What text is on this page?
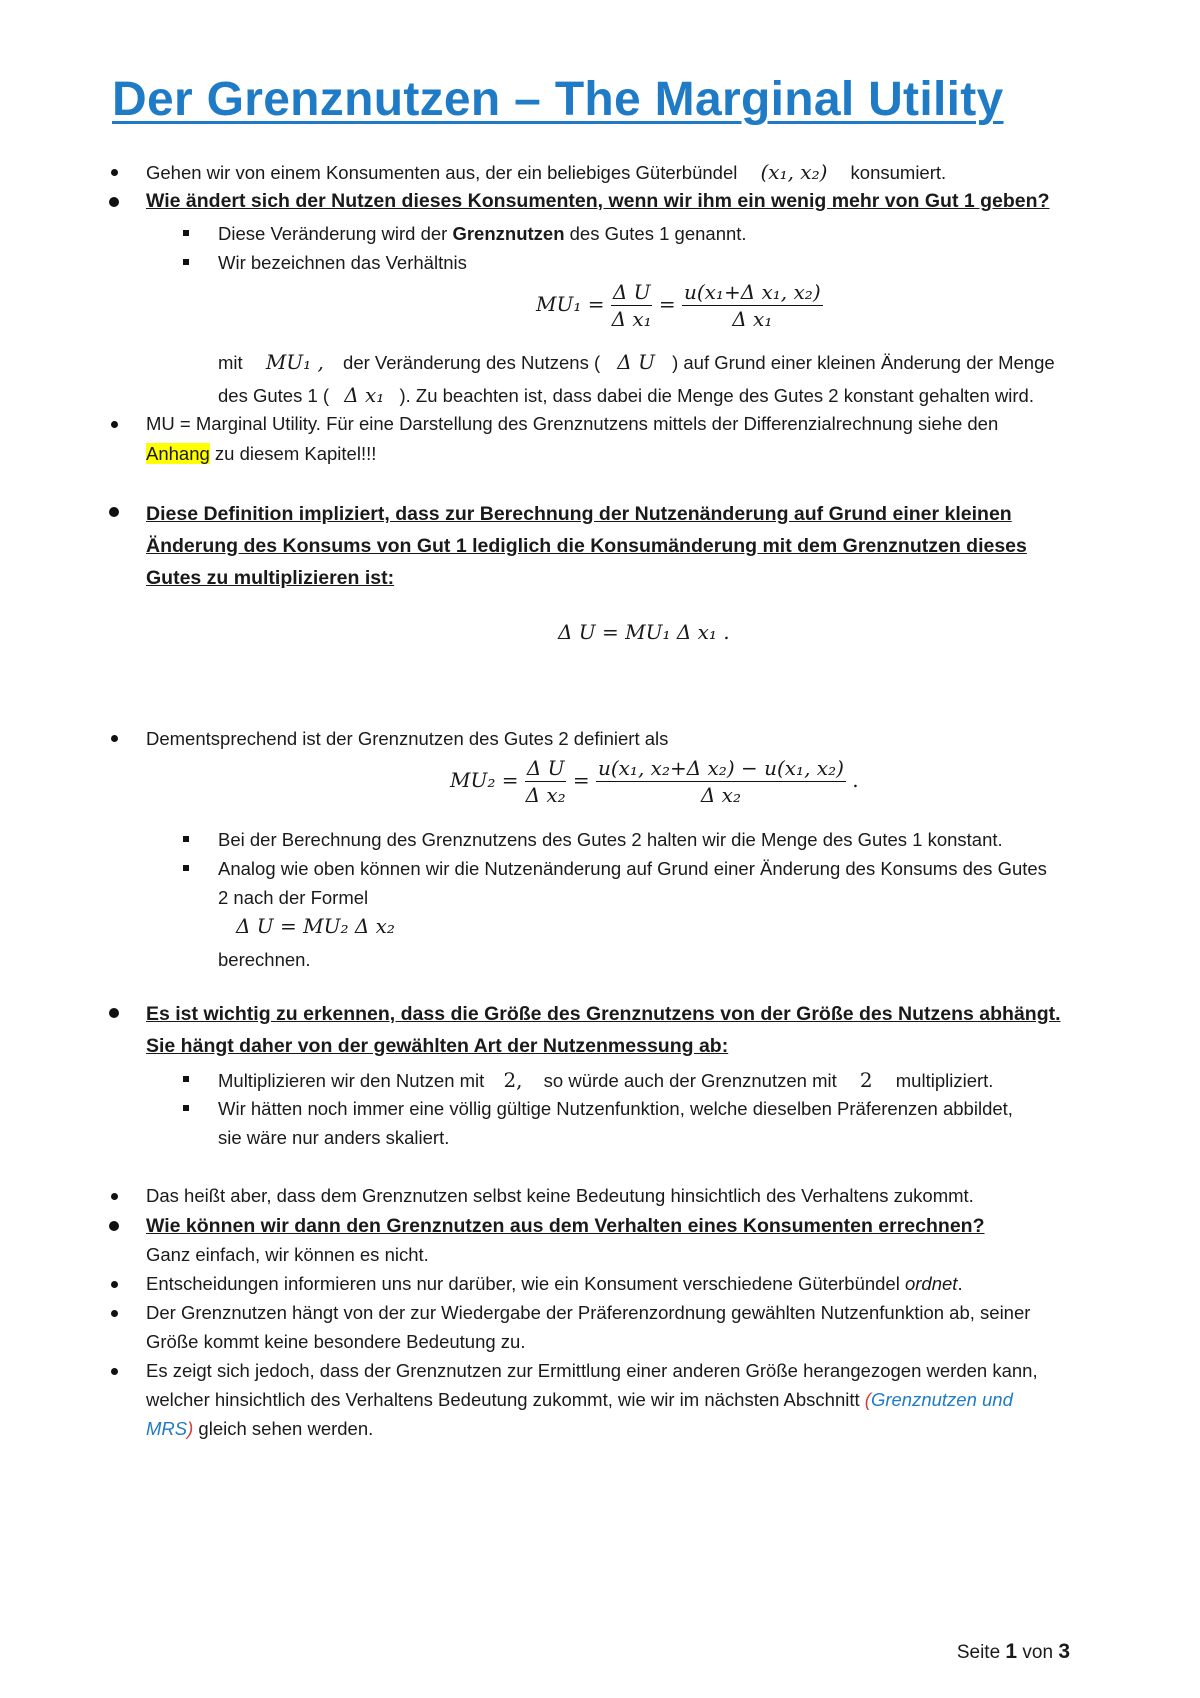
Der Grenznutzen – The Marginal Utility
Gehen wir von einem Konsumenten aus, der ein beliebiges Güterbündel (x₁, x₂) konsumiert.
Wie ändert sich der Nutzen dieses Konsumenten, wenn wir ihm ein wenig mehr von Gut 1 geben?
Diese Veränderung wird der Grenznutzen des Gutes 1 genannt.
Wir bezeichnen das Verhältnis
$MU_1 = \frac{\text{Δ U}}{\text{Δ x₁}} = \frac{\text{u(x₁+Δ x₁, x₂)}}{\text{Δ x₁}}$
mit MU₁ , der Veränderung des Nutzens ( Δ U ) auf Grund einer kleinen Änderung der Menge
des Gutes 1 ( Δ x₁ ). Zu beachten ist, dass dabei die Menge des Gutes 2 konstant gehalten wird.
MU = Marginal Utility. Für eine Darstellung des Grenznutzens mittels der Differenzialrechnung siehe den
Anhang zu diesem Kapitel!!!
Diese Definition impliziert, dass zur Berechnung der Nutzenänderung auf Grund einer kleinen
Änderung des Konsums von Gut 1 lediglich die Konsumänderung mit dem Grenznutzen dieses
Gutes zu multiplizieren ist:
Δ U = MU₁ Δ x₁ .
Dementsprechend ist der Grenznutzen des Gutes 2 definiert als
$MU_2 = \frac{\text{Δ U}}{\text{Δ x₂}} = \frac{\text{u(x₁, x₂+Δ x₂) − u(x₁, x₂)}}{\text{Δ x₂}}$ .
Bei der Berechnung des Grenznutzens des Gutes 2 halten wir die Menge des Gutes 1 konstant.
Analog wie oben können wir die Nutzenänderung auf Grund einer Änderung des Konsums des Gutes
2 nach der Formel
Δ U = MU₂ Δ x₂
berechnen.
Es ist wichtig zu erkennen, dass die Größe des Grenznutzens von der Größe des Nutzens abhängt.
Sie hängt daher von der gewählten Art der Nutzenmessung ab:
Multiplizieren wir den Nutzen mit 2, so würde auch der Grenznutzen mit 2 multipliziert.
Wir hätten noch immer eine völlig gültige Nutzenfunktion, welche dieselben Präferenzen abbildet,
sie wäre nur anders skaliert.
Das heißt aber, dass dem Grenznutzen selbst keine Bedeutung hinsichtlich des Verhaltens zukommt.
Wie können wir dann den Grenznutzen aus dem Verhalten eines Konsumenten errechnen?
Ganz einfach, wir können es nicht.
Entscheidungen informieren uns nur darüber, wie ein Konsument verschiedene Güterbündel ordnet.
Der Grenznutzen hängt von der zur Wiedergabe der Präferenzordnung gewählten Nutzenfunktion ab, seiner
Größe kommt keine besondere Bedeutung zu.
Es zeigt sich jedoch, dass der Grenznutzen zur Ermittlung einer anderen Größe herangezogen werden kann,
welcher hinsichtlich des Verhaltens Bedeutung zukommt, wie wir im nächsten Abschnitt (Grenznutzen und
MRS) gleich sehen werden.
Seite 1 von 3
